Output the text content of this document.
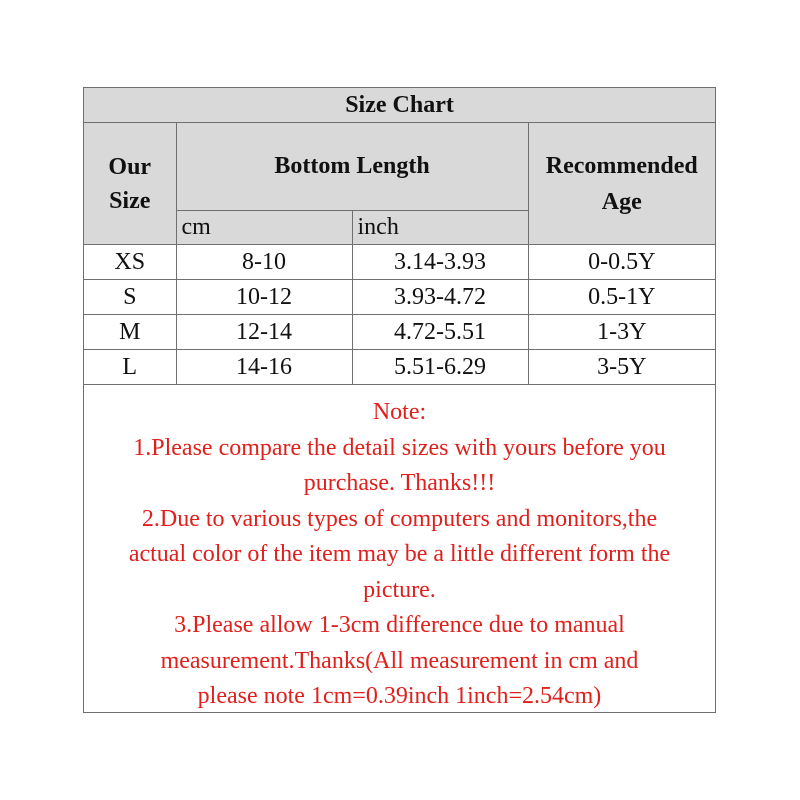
Size Chart			
Our
Size	Bottom Length		Recommended
Age
	cm	inch	
XS	8-10	3.14-3.93	0-0.5Y
S	10-12	3.93-4.72	0.5-1Y
M	12-14	4.72-5.51	1-3Y
L	14-16	5.51-6.29	3-5Y
Note:
1.Please compare the detail sizes with yours before you
purchase. Thanks!!!
2.Due to various types of computers and monitors,the
actual color of the item may be a little different form the
picture.
3.Please allow 1-3cm difference due to manual
measurement.Thanks(All measurement in cm and
please note 1cm=0.39inch 1inch=2.54cm)
